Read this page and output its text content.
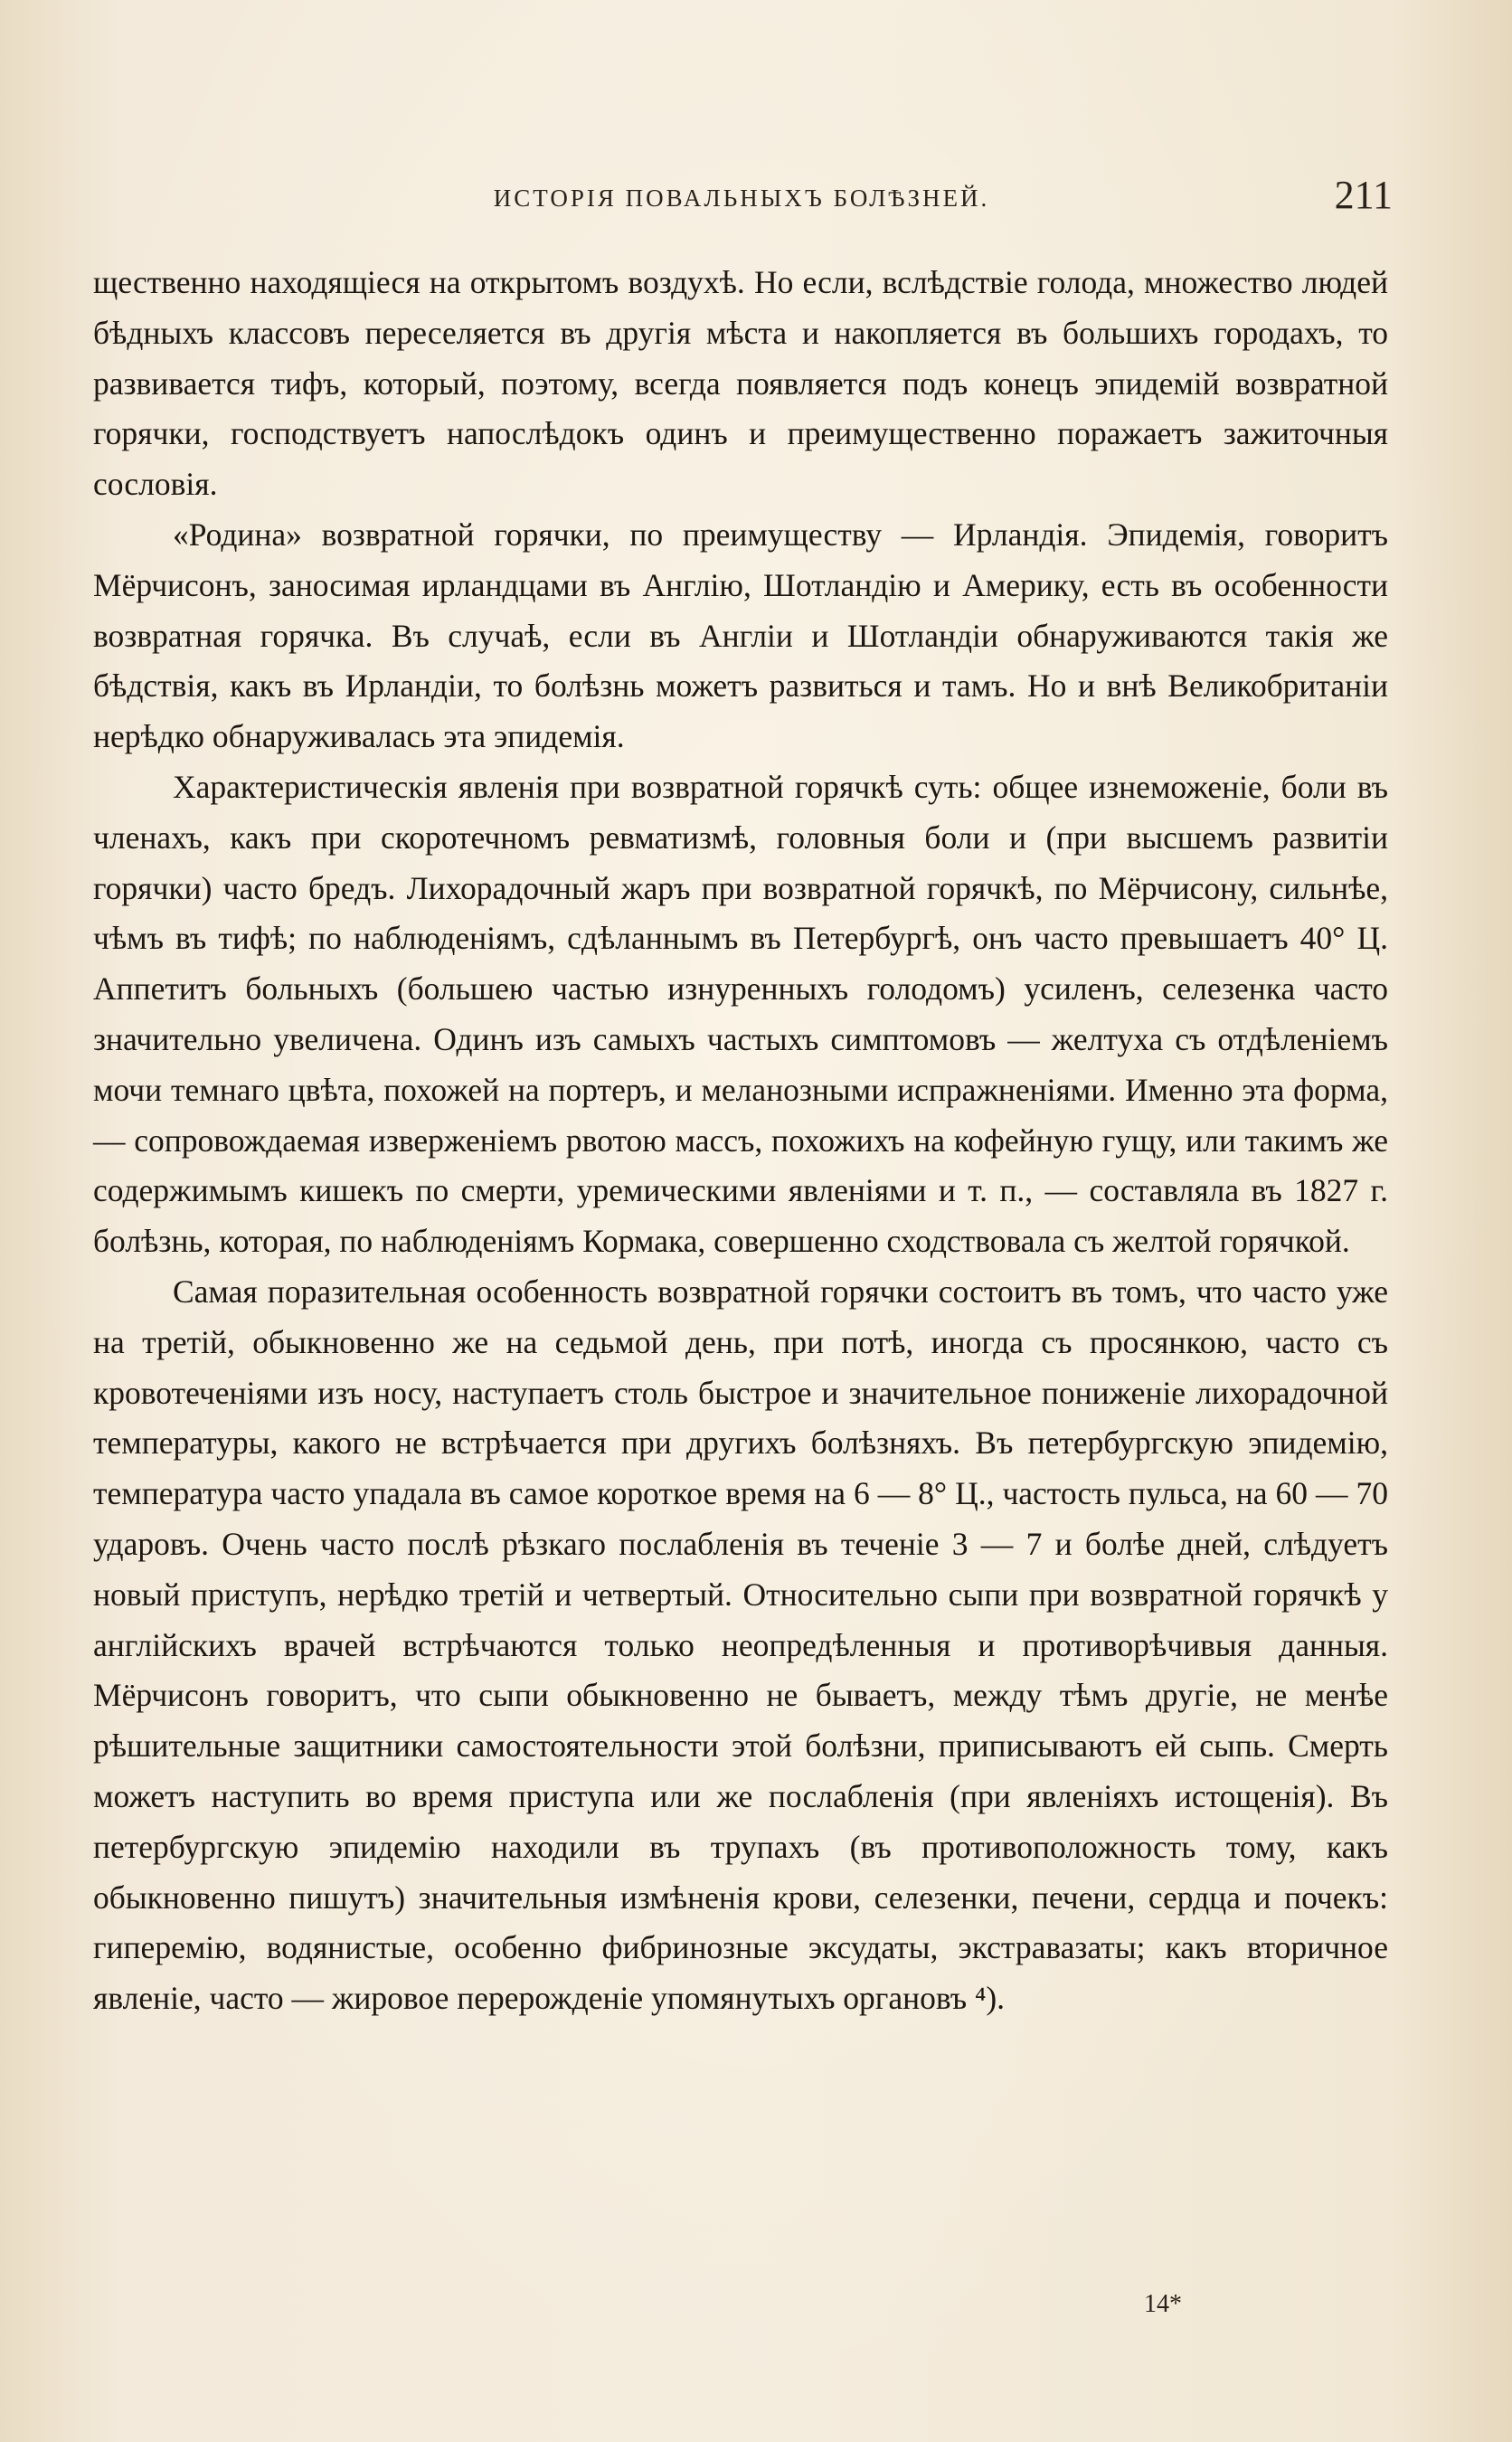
ИСТОРІЯ ПОВАЛЬНЫХЪ БОЛѢЗНЕЙ.	211

щественно находящіеся на открытомъ воздухѣ. Но если, вслѣдствіе голода, множество людей бѣдныхъ классовъ переселяется въ другія мѣста и накопляется въ большихъ городахъ, то развивается тифъ, который, поэтому, всегда появляется подъ конецъ эпидемій возвратной горячки, господствуетъ напослѣдокъ одинъ и преимущественно поражаетъ зажиточныя сословія.

«Родина» возвратной горячки, по преимуществу — Ирландія. Эпидемія, говоритъ Мёрчисонъ, заносимая ирландцами въ Англію, Шотландію и Америку, есть въ особенности возвратная горячка. Въ случаѣ, если въ Англіи и Шотландіи обнаруживаются такія же бѣдствія, какъ въ Ирландіи, то болѣзнь можетъ развиться и тамъ. Но и внѣ Великобританіи нерѣдко обнаруживалась эта эпидемія.

Характеристическія явленія при возвратной горячкѣ суть: общее изнеможеніе, боли въ членахъ, какъ при скоротечномъ ревматизмѣ, головныя боли и (при высшемъ развитіи горячки) часто бредъ. Лихорадочный жаръ при возвратной горячкѣ, по Мёрчисону, сильнѣе, чѣмъ въ тифѣ; по наблюденіямъ, сдѣланнымъ въ Петербургѣ, онъ часто превышаетъ 40° Ц. Аппетитъ больныхъ (большею частью изнуренныхъ голодомъ) усиленъ, селезенка часто значительно увеличена. Одинъ изъ самыхъ частыхъ симптомовъ — желтуха съ отдѣленіемъ мочи темнаго цвѣта, похожей на портеръ, и меланозными испражненіями. Именно эта форма, — сопровождаемая изверженіемъ рвотою массъ, похожихъ на кофейную гущу, или такимъ же содержимымъ кишекъ по смерти, уремическими явленіями и т. п., — составляла въ 1827 г. болѣзнь, которая, по наблюденіямъ Кормака, совершенно сходствовала съ желтой горячкой.

Самая поразительная особенность возвратной горячки состоитъ въ томъ, что часто уже на третій, обыкновенно же на седьмой день, при потѣ, иногда съ просянкою, часто съ кровотеченіями изъ носу, наступаетъ столь быстрое и значительное пониженіе лихорадочной температуры, какого не встрѣчается при другихъ болѣзняхъ. Въ петербургскую эпидемію, температура часто упадала въ самое короткое время на 6 — 8° Ц., частость пульса, на 60 — 70 ударовъ. Очень часто послѣ рѣзкаго послабленія въ теченіе 3 — 7 и болѣе дней, слѣдуетъ новый приступъ, нерѣдко третій и четвертый. Относительно сыпи при возвратной горячкѣ у англійскихъ врачей встрѣчаются только неопредѣленныя и противорѣчивыя данныя. Мёрчисонъ говоритъ, что сыпи обыкновенно не бываетъ, между тѣмъ другіе, не менѣе рѣшительные защитники самостоятельности этой болѣзни, приписываютъ ей сыпь. Смерть можетъ наступить во время приступа или же послабленія (при явленіяхъ истощенія). Въ петербургскую эпидемію находили въ трупахъ (въ противоположность тому, какъ обыкновенно пишутъ) значительныя измѣненія крови, селезенки, печени, сердца и почекъ: гиперемію, водянистые, особенно фибринозные эксудаты, экстравазаты; какъ вторичное явленіе, часто — жировое перерожденіе упомянутыхъ органовъ ⁴).

14*
